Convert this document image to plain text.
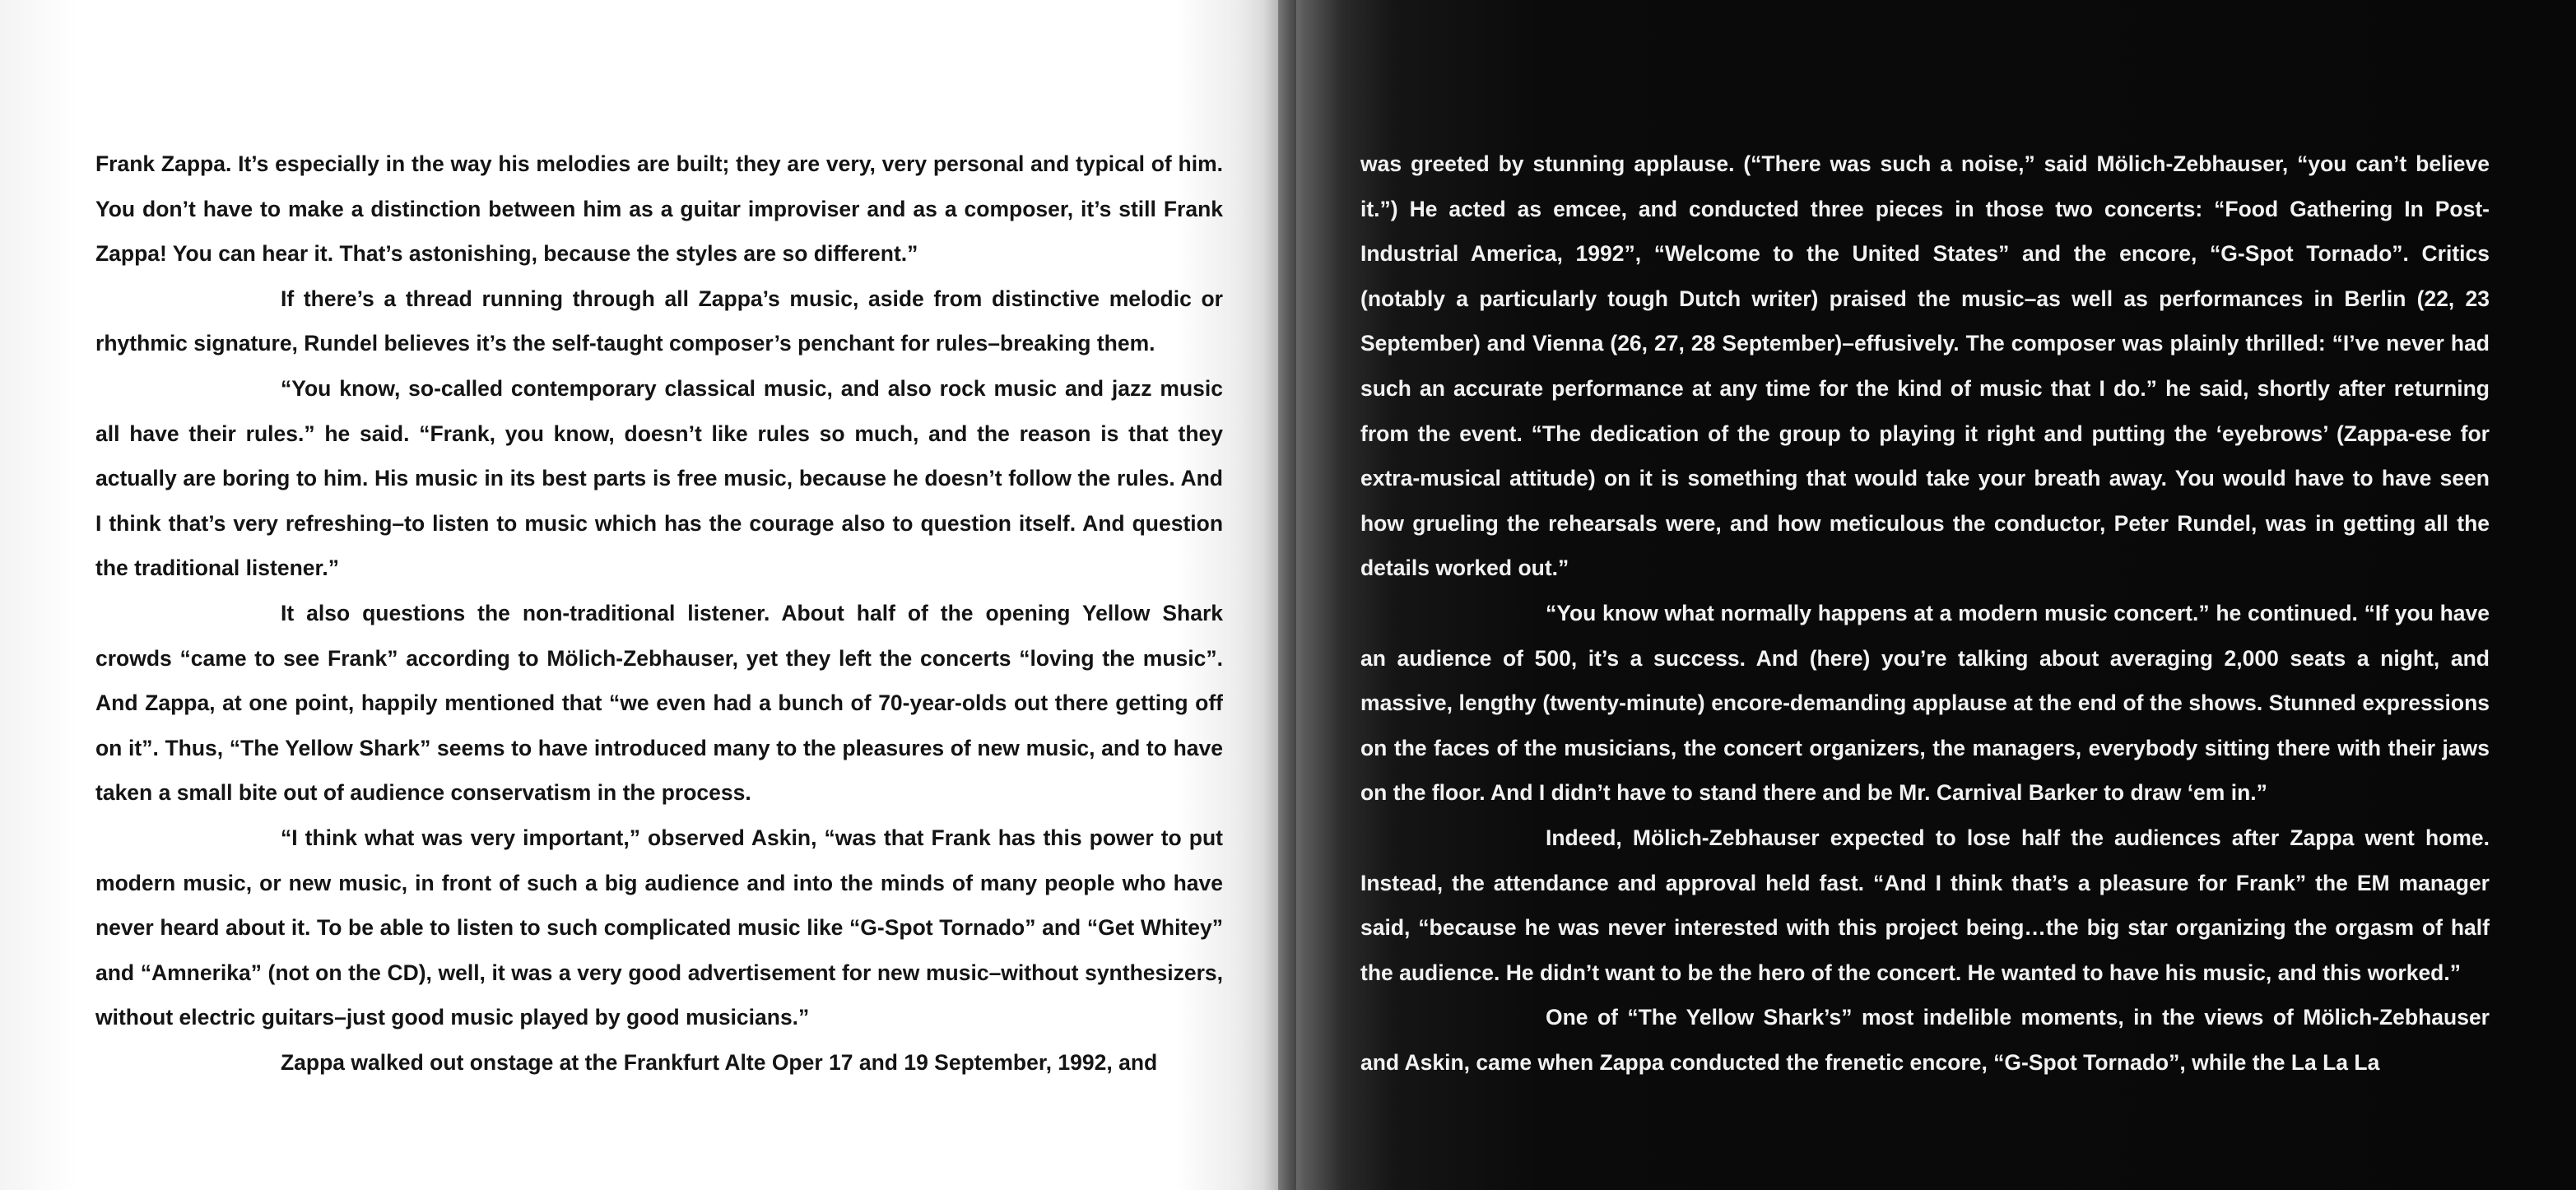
Frank Zappa. It’s especially in the way his melodies are built; they are very, very personal and typical of him. You don’t have to make a distinction between him as a guitar improviser and as a composer, it’s still Frank Zappa! You can hear it. That’s astonishing, because the styles are so different.”

If there’s a thread running through all Zappa’s music, aside from distinctive melodic or rhythmic signature, Rundel believes it’s the self-taught composer’s penchant for rules–breaking them.

“You know, so-called contemporary classical music, and also rock music and jazz music all have their rules.” he said. “Frank, you know, doesn’t like rules so much, and the reason is that they actually are boring to him. His music in its best parts is free music, because he doesn’t follow the rules. And I think that’s very refreshing–to listen to music which has the courage also to question itself. And question the traditional listener.”

It also questions the non-traditional listener. About half of the opening Yellow Shark crowds “came to see Frank” according to Mölich-Zebhauser, yet they left the concerts “loving the music”. And Zappa, at one point, happily mentioned that “we even had a bunch of 70-year-olds out there getting off on it”. Thus, “The Yellow Shark” seems to have introduced many to the pleasures of new music, and to have taken a small bite out of audience conservatism in the process.

“I think what was very important,” observed Askin, “was that Frank has this power to put modern music, or new music, in front of such a big audience and into the minds of many people who have never heard about it. To be able to listen to such complicated music like “G-Spot Tornado” and “Get Whitey” and “Amnerika” (not on the CD), well, it was a very good advertisement for new music–without synthesizers, without electric guitars–just good music played by good musicians.”

Zappa walked out onstage at the Frankfurt Alte Oper 17 and 19 September, 1992, and

was greeted by stunning applause. (“There was such a noise,” said Mölich-Zebhauser, “you can’t believe it.”) He acted as emcee, and conducted three pieces in those two concerts: “Food Gathering In Post-Industrial America, 1992”, “Welcome to the United States” and the encore, “G-Spot Tornado”. Critics (notably a particularly tough Dutch writer) praised the music–as well as performances in Berlin (22, 23 September) and Vienna (26, 27, 28 September)–effusively. The composer was plainly thrilled: “I’ve never had such an accurate performance at any time for the kind of music that I do.” he said, shortly after returning from the event. “The dedication of the group to playing it right and putting the ‘eyebrows’ (Zappa-ese for extra-musical attitude) on it is something that would take your breath away. You would have to have seen how grueling the rehearsals were, and how meticulous the conductor, Peter Rundel, was in getting all the details worked out.”

“You know what normally happens at a modern music concert.” he continued. “If you have an audience of 500, it’s a success. And (here) you’re talking about averaging 2,000 seats a night, and massive, lengthy (twenty-minute) encore-demanding applause at the end of the shows. Stunned expressions on the faces of the musicians, the concert organizers, the managers, everybody sitting there with their jaws on the floor. And I didn’t have to stand there and be Mr. Carnival Barker to draw ‘em in.”

Indeed, Mölich-Zebhauser expected to lose half the audiences after Zappa went home. Instead, the attendance and approval held fast. “And I think that’s a pleasure for Frank” the EM manager said, “because he was never interested with this project being…the big star organizing the orgasm of half the audience. He didn’t want to be the hero of the concert. He wanted to have his music, and this worked.”

One of “The Yellow Shark’s” most indelible moments, in the views of Mölich-Zebhauser and Askin, came when Zappa conducted the frenetic encore, “G-Spot Tornado”, while the La La La
